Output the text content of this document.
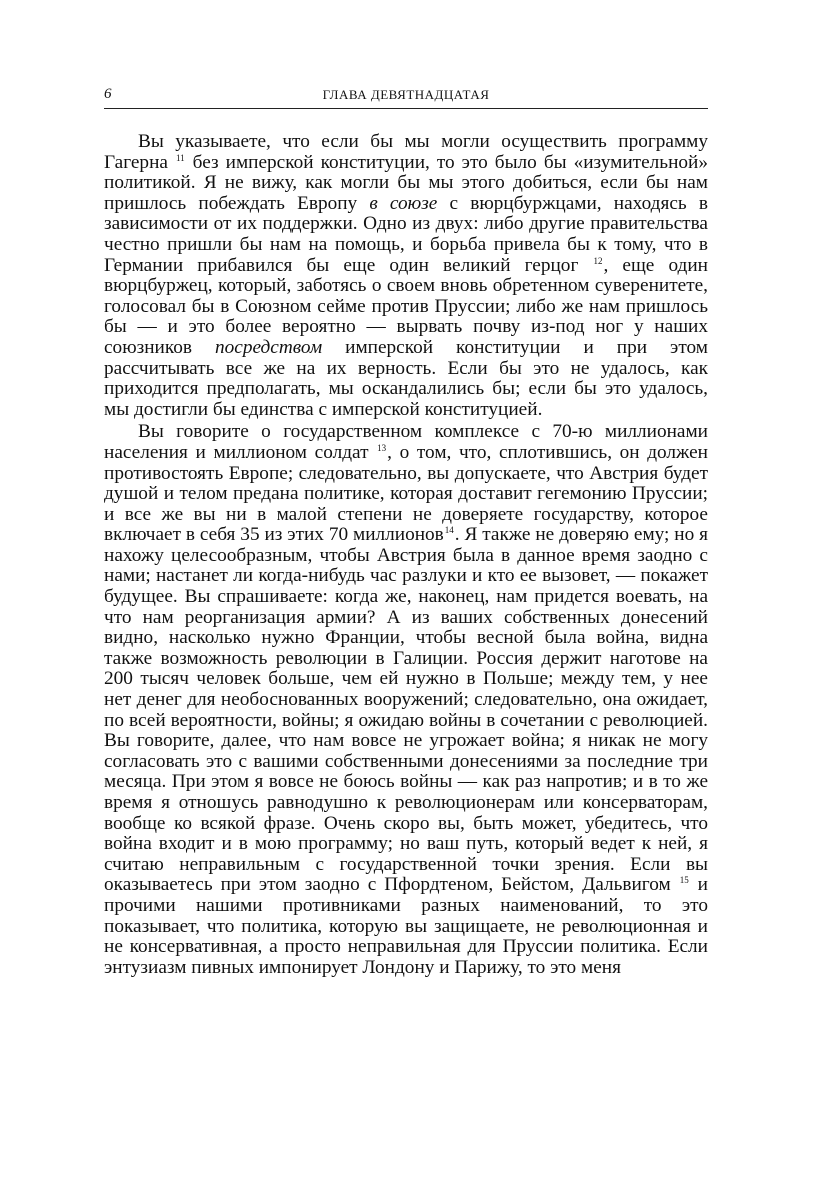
6	ГЛАВА ДЕВЯТНАДЦАТАЯ

Вы указываете, что если бы мы могли осуществить программу Гагерна $^{11}$ без имперской конституции, то это было бы «изумительной» политикой. Я не вижу, как могли бы мы этого добиться, если бы нам пришлось побеждать Европу в союзе с вюрцбуржцами, находясь в зависимости от их поддержки. Одно из двух: либо другие правительства честно пришли бы нам на помощь, и борьба привела бы к тому, что в Германии прибавился бы еще один великий герцог $^{12}$, еще один вюрцбуржец, который, заботясь о своем вновь обретенном суверенитете, голосовал бы в Союзном сейме против Пруссии; либо же нам пришлось бы — и это более вероятно — вырвать почву из-под ног у наших союзников посредством имперской конституции и при этом рассчитывать все же на их верность. Если бы это не удалось, как приходится предполагать, мы оскандалились бы; если бы это удалось, мы достигли бы единства с имперской конституцией.

Вы говорите о государственном комплексе с 70-ю миллионами населения и миллионом солдат $^{13}$, о том, что, сплотившись, он должен противостоять Европе; следовательно, вы допускаете, что Австрия будет душой и телом предана политике, которая доставит гегемонию Пруссии; и все же вы ни в малой степени не доверяете государству, которое включает в себя 35 из этих 70 миллионов$^{14}$. Я также не доверяю ему; но я нахожу целесообразным, чтобы Австрия была в данное время заодно с нами; настанет ли когда-нибудь час разлуки и кто ее вызовет, — покажет будущее. Вы спрашиваете: когда же, наконец, нам придется воевать, на что нам реорганизация армии? А из ваших собственных донесений видно, насколько нужно Франции, чтобы весной была война, видна также возможность революции в Галиции. Россия держит наготове на 200 тысяч человек больше, чем ей нужно в Польше; между тем, у нее нет денег для необоснованных вооружений; следовательно, она ожидает, по всей вероятности, войны; я ожидаю войны в сочетании с революцией. Вы говорите, далее, что нам вовсе не угрожает война; я никак не могу согласовать это с вашими собственными донесениями за последние три месяца. При этом я вовсе не боюсь войны — как раз напротив; и в то же время я отношусь равнодушно к революционерам или консерваторам, вообще ко всякой фразе. Очень скоро вы, быть может, убедитесь, что война входит и в мою программу; но ваш путь, который ведет к ней, я считаю неправильным с государственной точки зрения. Если вы оказываетесь при этом заодно с Пфордтеном, Бейстом, Дальвигом $^{15}$ и прочими нашими противниками разных наименований, то это показывает, что политика, которую вы защищаете, не революционная и не консервативная, а просто неправильная для Пруссии политика. Если энтузиазм пивных импонирует Лондону и Парижу, то это меня
